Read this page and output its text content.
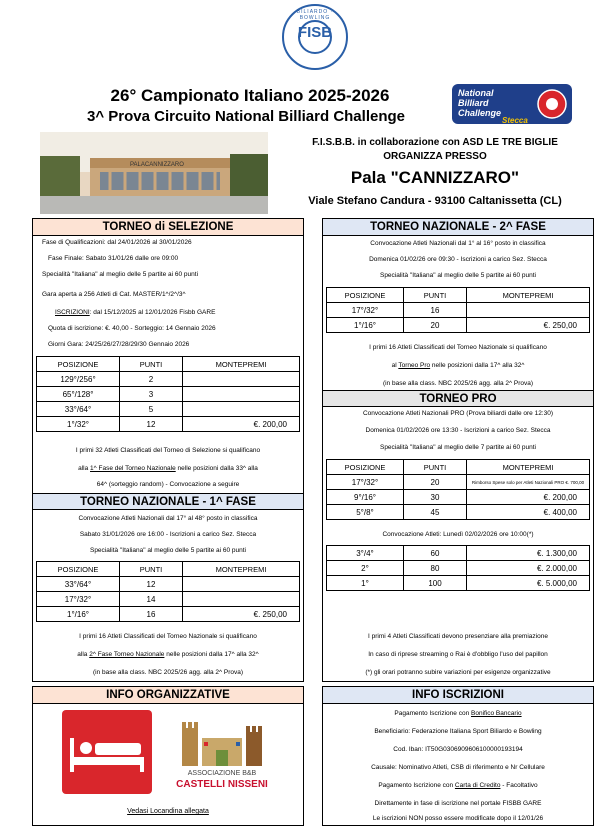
BILIARDO · BOWLING
FISB
26° Campionato Italiano 2025-2026
3^ Prova Circuito National Billiard Challenge
National
Billiard
Challenge
Stecca
PALACANNIZZARO
F.I.S.B.B. in collaborazione con ASD LE TRE BIGLIE
ORGANIZZA PRESSO
Pala "CANNIZZARO"
Viale Stefano Candura - 93100 Caltanissetta (CL)
TORNEO di SELEZIONE
Fase di Qualificazioni: dal 24/01/2026 al 30/01/2026
Fase Finale: Sabato 31/01/26 dalle ore 09:00
Specialità "Italiana" al meglio delle 5 partite ai 60 punti
Gara aperta a 256 Atleti di Cat. MASTER/1^/2^/3^
ISCRIZIONI: dal 15/12/2025 al 12/01/2026 Fisbb GARE
Quota di iscrizione: €. 40,00 - Sorteggio: 14 Gennaio 2026
Giorni Gara: 24/25/26/27/28/29/30 Gennaio 2026
POSIZIONE	PUNTI	MONTEPREMI
129°/256°	2	
65°/128°	3	
33°/64°	5	
1°/32°	12	€. 200,00
I primi 32 Atleti Classificati del Torneo di Selezione si qualificano
alla 1^ Fase del Torneo Nazionale nelle posizioni dalla 33^ alla
64^ (sorteggio random) - Convocazione a seguire
TORNEO NAZIONALE - 1^ FASE
Convocazione Atleti Nazionali dal 17° al 48° posto in classifica
Sabato 31/01/2026 ore 16:00 - Iscrizioni a carico Sez. Stecca
Specialità "Italiana" al meglio delle 5 partite ai 60 punti
POSIZIONE	PUNTI	MONTEPREMI
33°/64°	12	
17°/32°	14	
1°/16°	16	€. 250,00
I primi 16 Atleti Classificati del Torneo Nazionale si qualificano
alla 2^ Fase Torneo Nazionale nelle posizioni dalla 17^ alla 32^
(in base alla class. NBC 2025/26 agg. alla 2^ Prova)
TORNEO NAZIONALE - 2^ FASE
Convocazione Atleti Nazionali dal 1° al 16° posto in classifica
Domenica 01/02/26 ore 09:30 - Iscrizioni a carico Sez. Stecca
Specialità "Italiana" al meglio delle 5 partite ai 60 punti
POSIZIONE	PUNTI	MONTEPREMI
17°/32°	16	
1°/16°	20	€. 250,00
I primi 16 Atleti Classificati del Torneo Nazionale si qualificano
al Torneo Pro nelle posizioni dalla 17^ alla 32^
(in base alla class. NBC 2025/26 agg. alla 2^ Prova)
TORNEO PRO
Convocazione Atleti Nazionali PRO (Prova biliardi dalle ore 12:30)
Domenica 01/02/2026 ore 13:30 - Iscrizioni a carico Sez. Stecca
Specialità "Italiana" al meglio delle 7 partite ai 60 punti
POSIZIONE	PUNTI	MONTEPREMI
17°/32°	20	Rimborso Spese solo per Atleti Nazionali PRO €. 700,00
9°/16°	30	€. 200,00
5°/8°	45	€. 400,00
Convocazione Atleti: Lunedì 02/02/2026 ore 10:00(*)
3°/4°	60	€. 1.300,00
2°	80	€. 2.000,00
1°	100	€. 5.000,00
I primi 4 Atleti Classificati devono presenziare alla premiazione
In caso di riprese streaming o Rai è d'obbligo l'uso del papillon
(*) gli orari potranno subire variazioni per esigenze organizzative
INFO ORGANIZZATIVE
ASSOCIAZIONE B&B
CASTELLI NISSENI
Vedasi Locandina allegata
INFO ISCRIZIONI
Pagamento Iscrizione con Bonifico Bancario
Beneficiario: Federazione Italiana Sport Biliardo e Bowling
Cod. Iban: IT50G0306909606100000193194
Causale: Nominativo Atleti, CSB di riferimento e Nr Cellulare
Pagamento Iscrizione con Carta di Credito - Facoltativo
Direttamente in fase di iscrizione nel portale FISBB GARE
Le iscrizioni NON posso essere modificate dopo il 12/01/26
